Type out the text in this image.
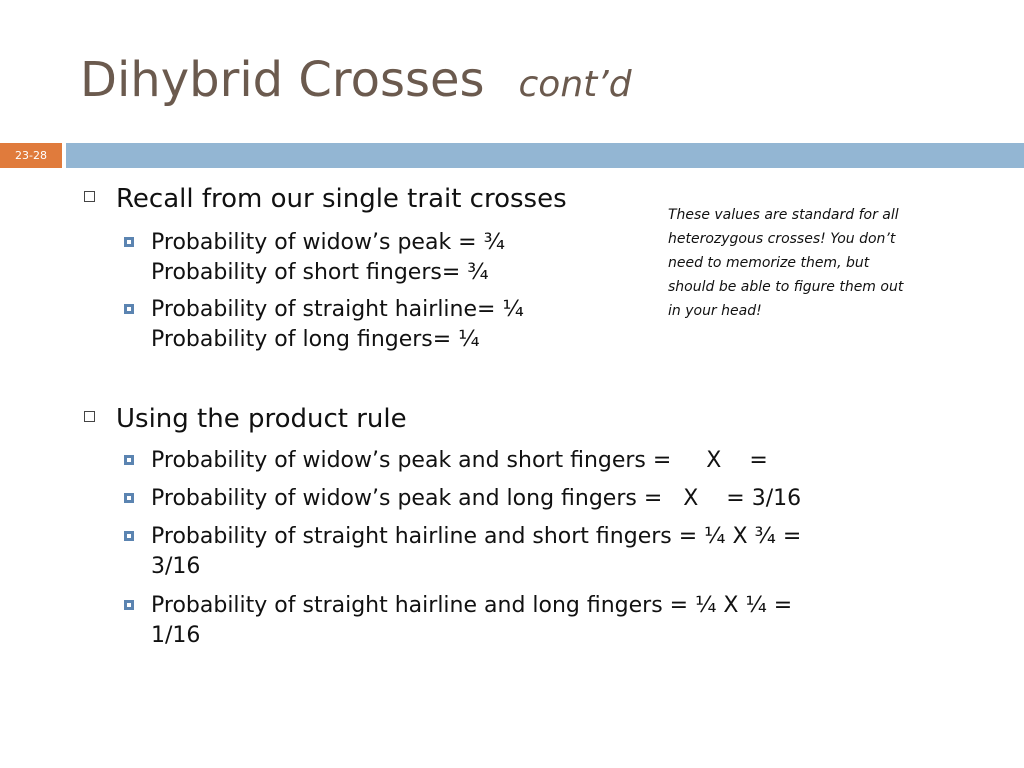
Dihybrid Crosses cont’d
23-28
These values are standard for all heterozygous crosses! You don’t need to memorize them, but should be able to figure them out in your head!
Recall from our single trait crosses
Probability of widow’s peak = ¾
Probability of short fingers= ¾
Probability of straight hairline= ¼
Probability of long fingers= ¼
Using the product rule
Probability of widow’s peak and short fingers =     X    =
Probability of widow’s peak and long fingers =   X    = 3/16
Probability of straight hairline and short fingers = ¼ X ¾ =
3/16
Probability of straight hairline and long fingers = ¼ X ¼ =
1/16
